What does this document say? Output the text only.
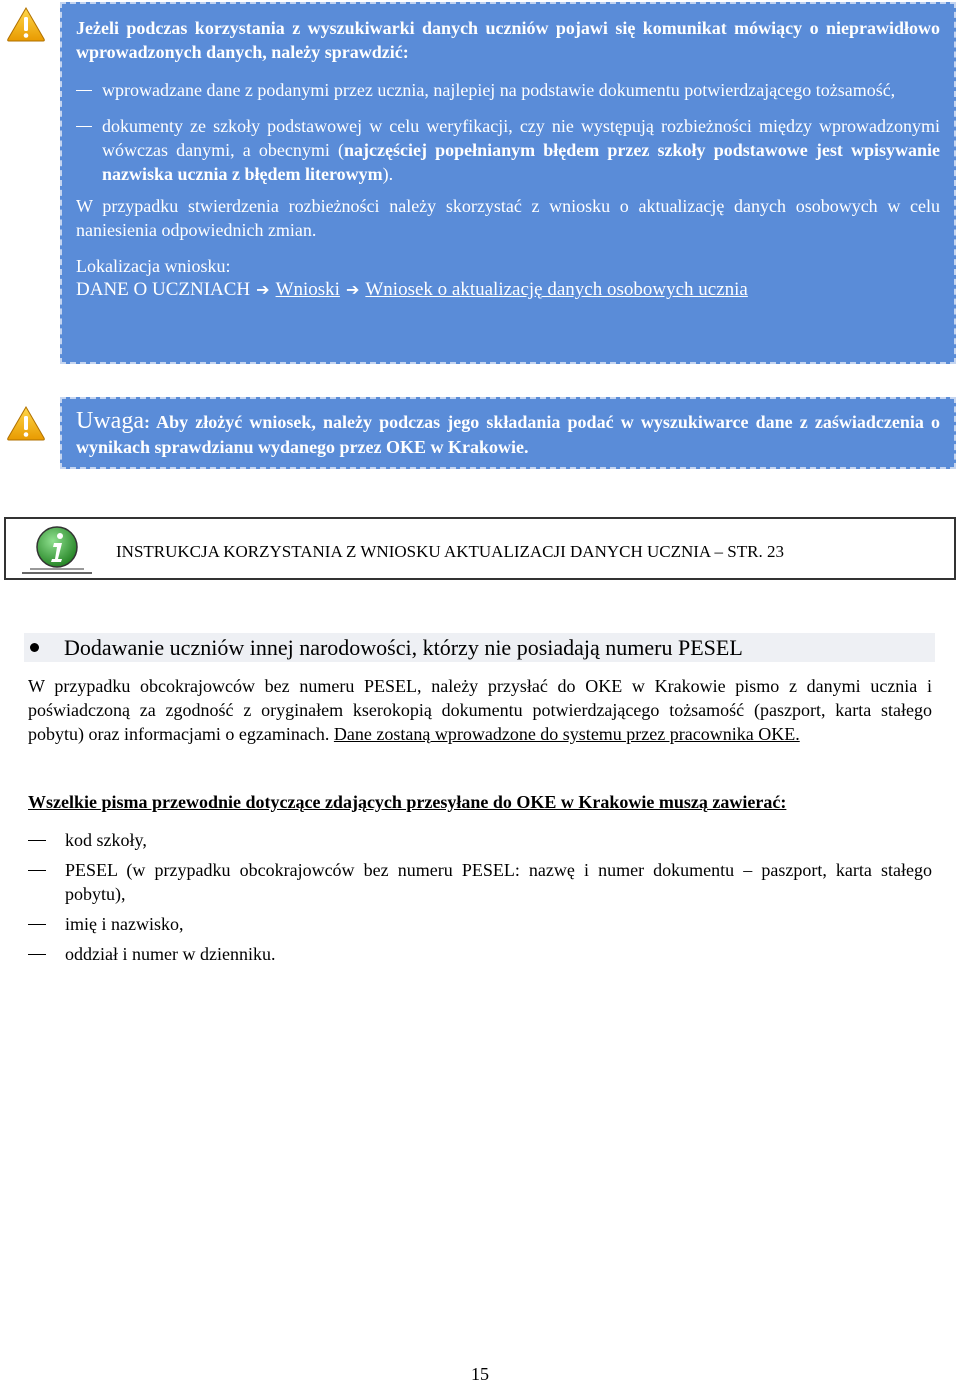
Jeżeli podczas korzystania z wyszukiwarki danych uczniów pojawi się komunikat mówiący o nieprawidłowo wprowadzonych danych, należy sprawdzić:
wprowadzane dane z podanymi przez ucznia, najlepiej na podstawie dokumentu potwierdzającego tożsamość,
dokumenty ze szkoły podstawowej w celu weryfikacji, czy nie występują rozbieżności między wprowadzonymi wówczas danymi, a obecnymi (najczęściej popełnianym błędem przez szkoły podstawowe jest wpisywanie nazwiska ucznia z błędem literowym).
W przypadku stwierdzenia rozbieżności należy skorzystać z wniosku o aktualizację danych osobowych w celu naniesienia odpowiednich zmian.
Lokalizacja wniosku:
DANE O UCZNIACH ➔ Wnioski ➔ Wniosek o aktualizację danych osobowych ucznia
Uwaga: Aby złożyć wniosek, należy podczas jego składania podać w wyszukiwarce dane z zaświadczenia o wynikach sprawdzianu wydanego przez OKE w Krakowie.
INSTRUKCJA KORZYSTANIA Z WNIOSKU AKTUALIZACJI DANYCH UCZNIA – STR. 23
Dodawanie uczniów innej narodowości, którzy nie posiadają numeru PESEL
W przypadku obcokrajowców bez numeru PESEL, należy przysłać do OKE w Krakowie pismo z danymi ucznia i poświadczoną za zgodność z oryginałem kserokopią dokumentu potwierdzającego tożsamość (paszport, karta stałego pobytu) oraz informacjami o egzaminach. Dane zostaną wprowadzone do systemu przez pracownika OKE.
Wszelkie pisma przewodnie dotyczące zdających przesyłane do OKE w Krakowie muszą zawierać:
kod szkoły,
PESEL (w przypadku obcokrajowców bez numeru PESEL: nazwę i numer dokumentu – paszport, karta stałego pobytu),
imię i nazwisko,
oddział i numer w dzienniku.
15
